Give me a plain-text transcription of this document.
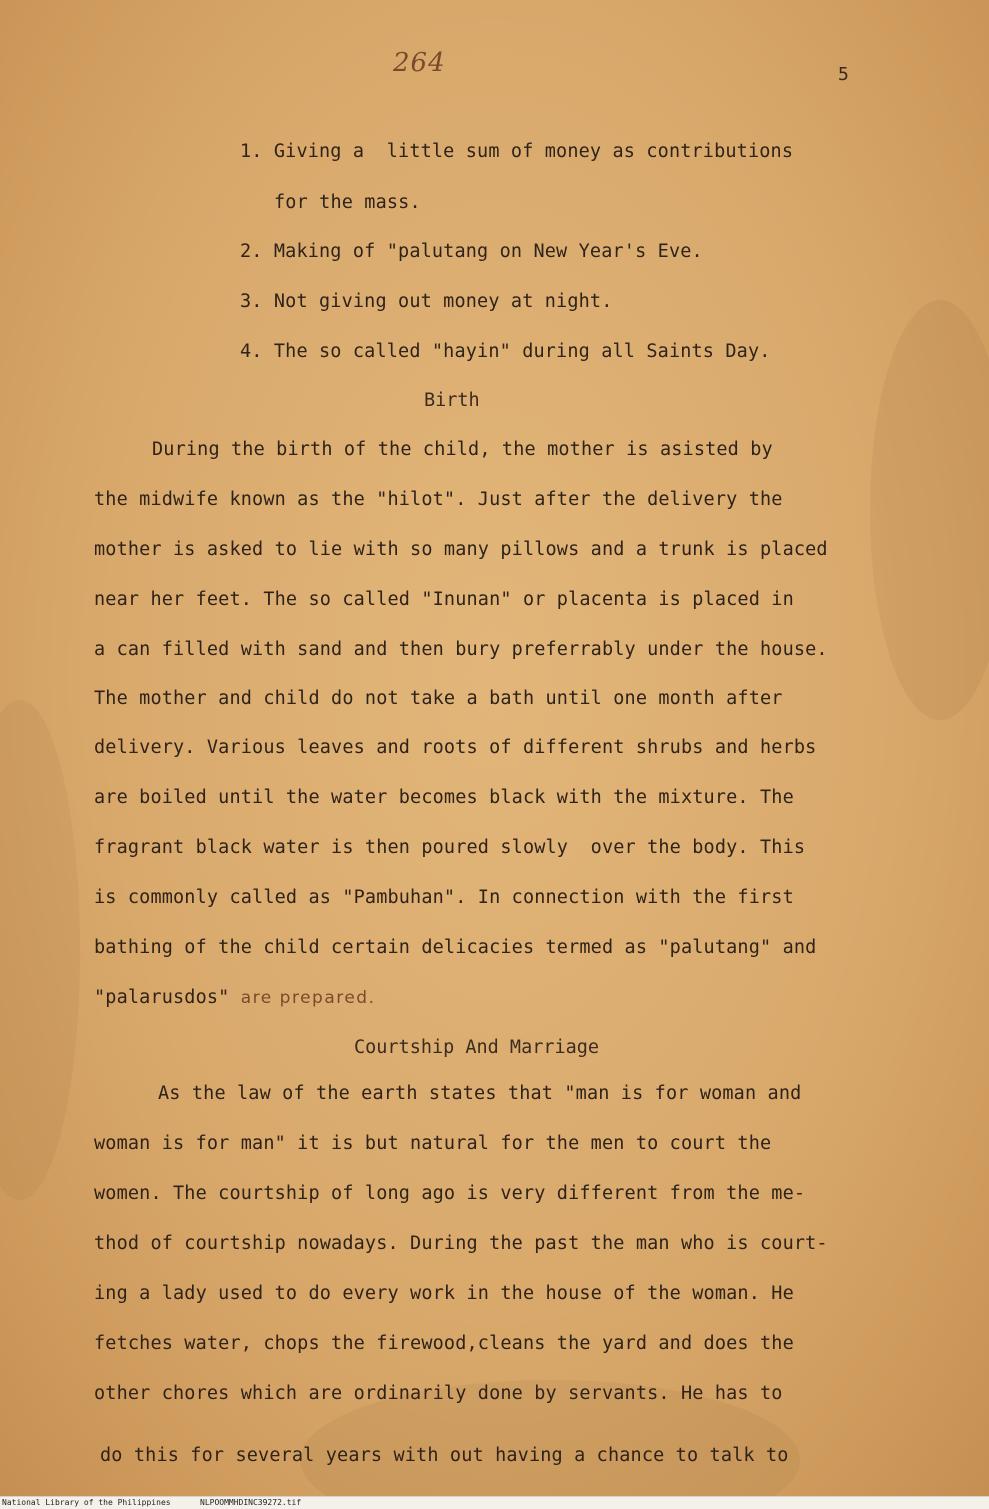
264	5
1. Giving a  little sum of money as contributions
for the mass.
2. Making of "palutang on New Year's Eve.
3. Not giving out money at night.
4. The so called "hayin" during all Saints Day.
Birth
During the birth of the child, the mother is asisted by
the midwife known as the "hilot". Just after the delivery the
mother is asked to lie with so many pillows and a trunk is placed
near her feet. The so called "Inunan" or placenta is placed in
a can filled with sand and then bury preferrably under the house.
The mother and child do not take a bath until one month after
delivery. Various leaves and roots of different shrubs and herbs
are boiled until the water becomes black with the mixture. The
fragrant black water is then poured slowly  over the body. This
is commonly called as "Pambuhan". In connection with the first
bathing of the child certain delicacies termed as "palutang" and
"palarusdos" are prepared.
Courtship And Marriage
As the law of the earth states that "man is for woman and
woman is for man" it is but natural for the men to court the
women. The courtship of long ago is very different from the me-
thod of courtship nowadays. During the past the man who is court-
ing a lady used to do every work in the house of the woman. He
fetches water, chops the firewood,cleans the yard and does the
other chores which are ordinarily done by servants. He has to
do this for several years with out having a chance to talk to
National Library of the Philippines	NLPOOMMHDINC39272.tif
